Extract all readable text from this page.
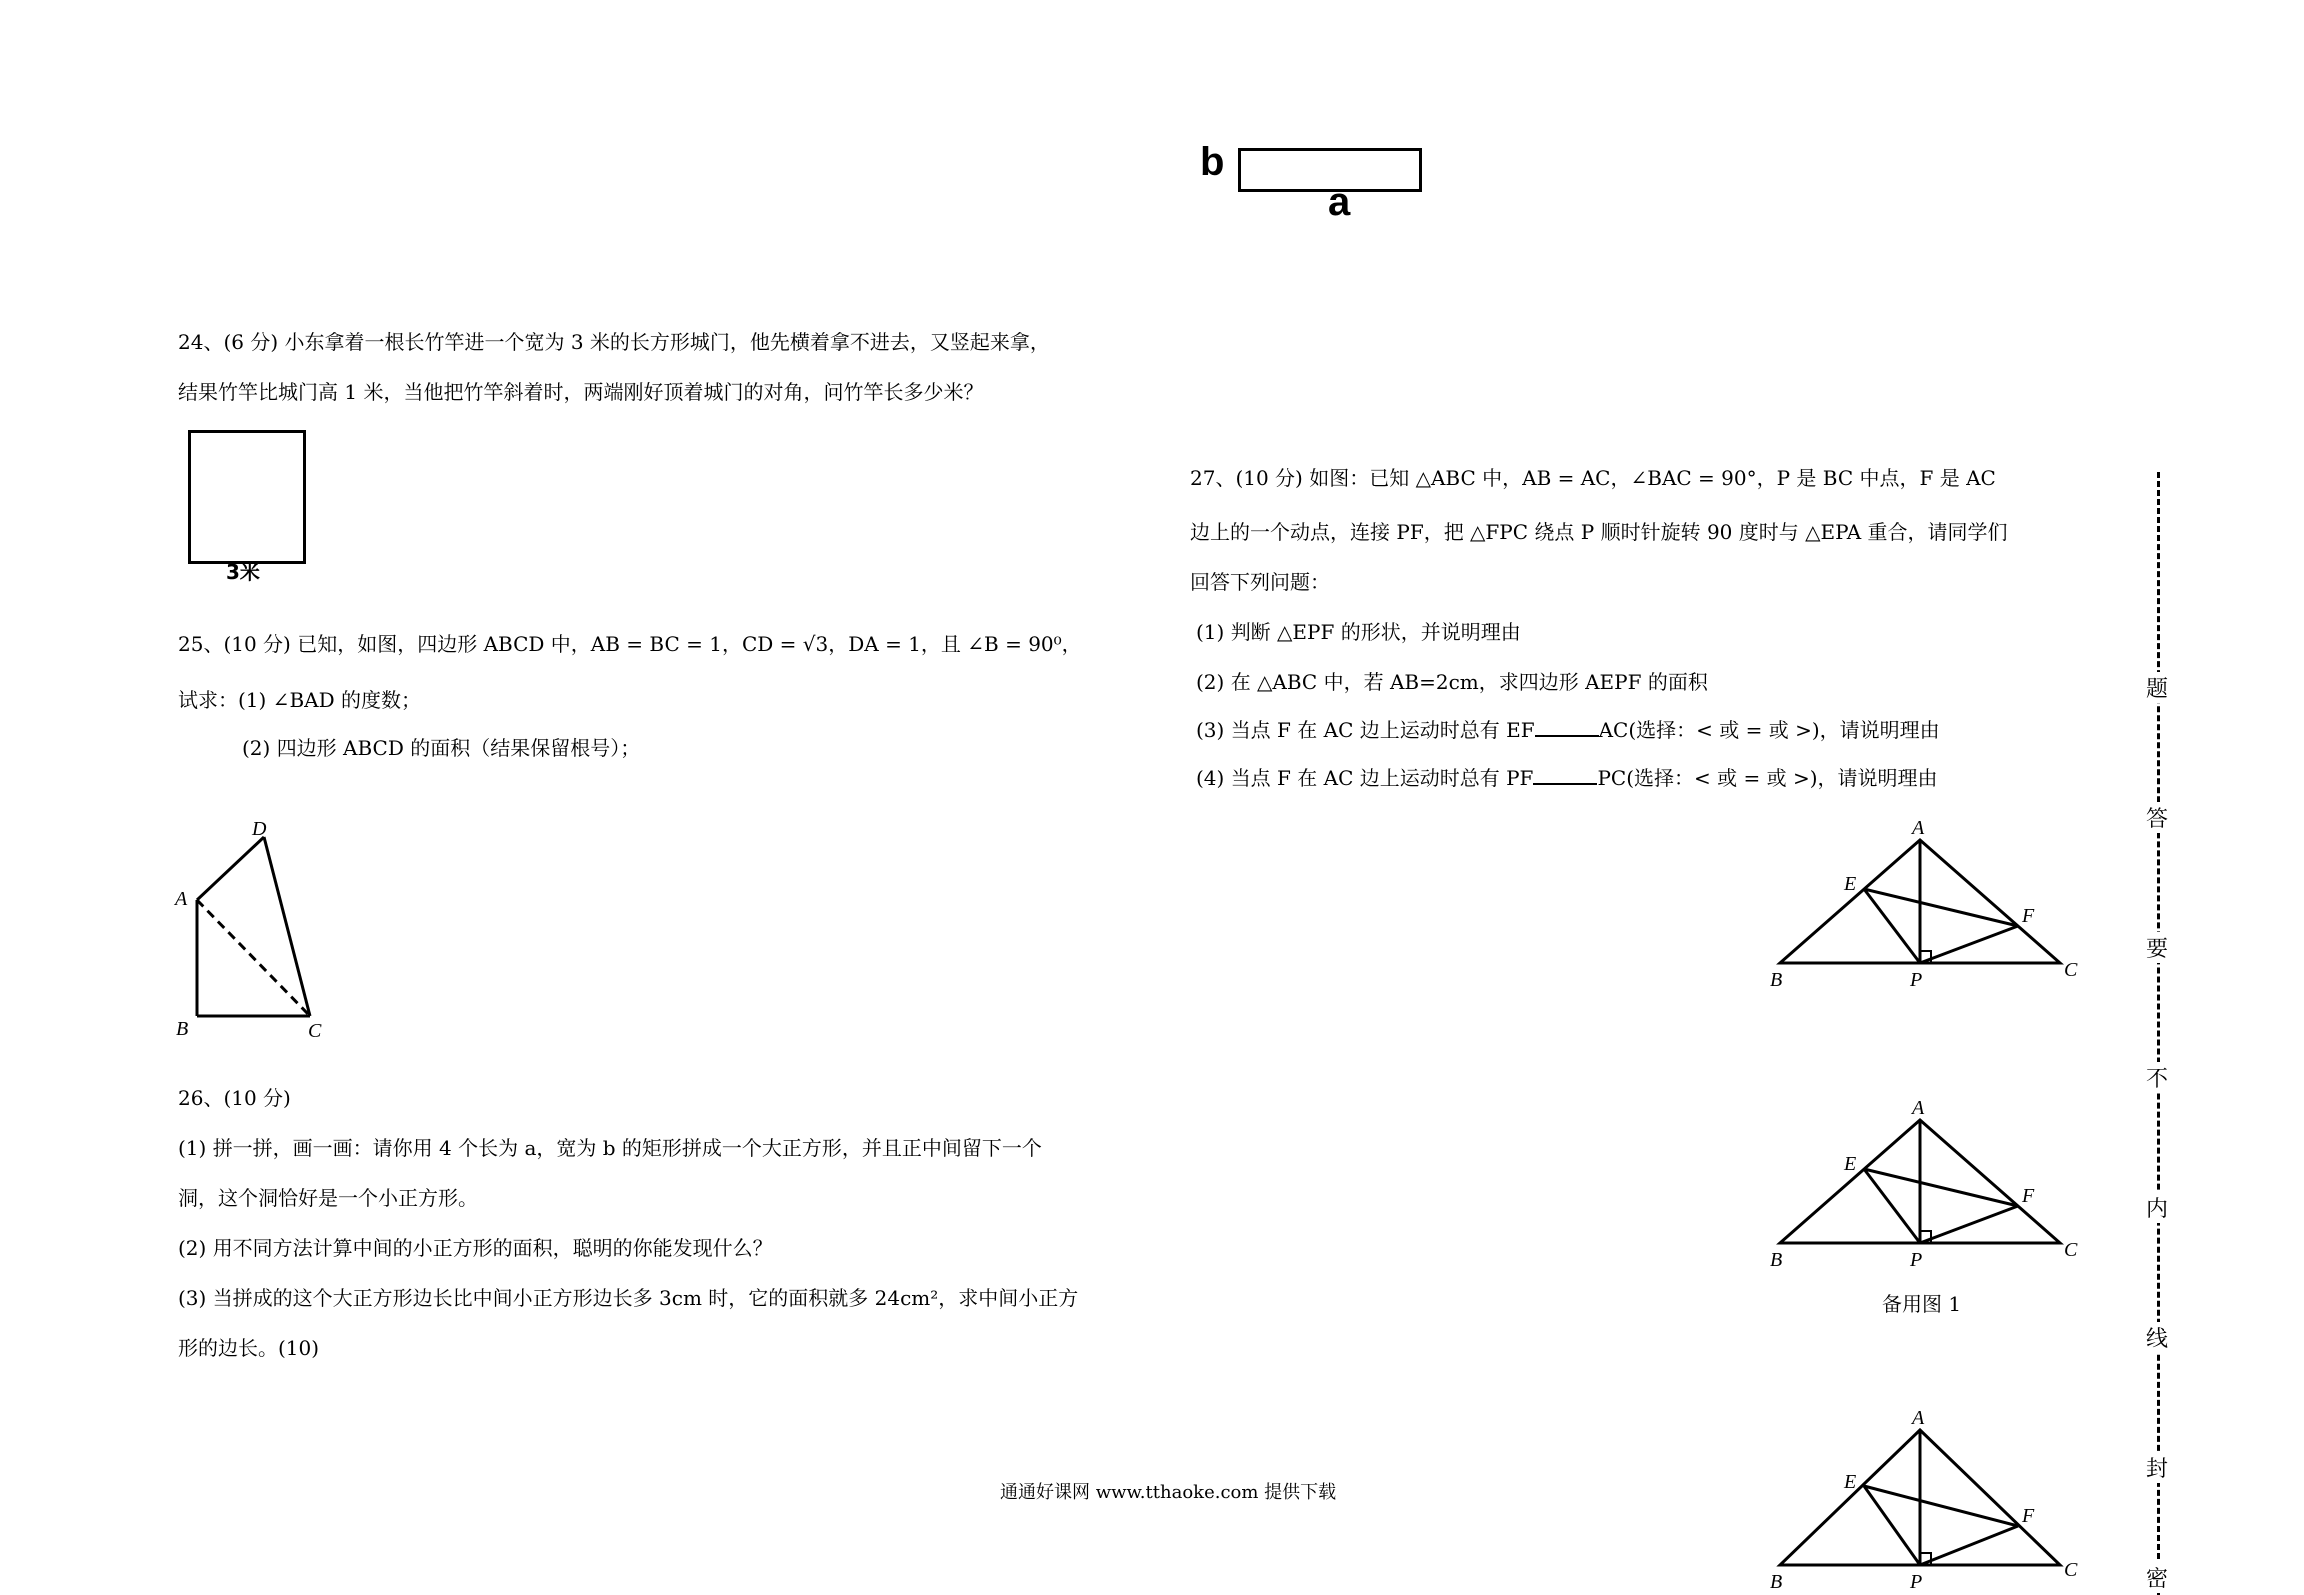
b
a
24、(6 分) 小东拿着一根长竹竿进一个宽为 3 米的长方形城门，他先横着拿不进去，又竖起来拿，
结果竹竿比城门高 1 米，当他把竹竿斜着时，两端刚好顶着城门的对角，问竹竿长多少米？
3米
25、(10 分) 已知，如图，四边形 ABCD 中，AB = BC = 1，CD = √3，DA = 1，且 ∠B = 90⁰，
试求：(1) ∠BAD 的度数；
(2) 四边形 ABCD 的面积（结果保留根号）；
D
A
B	C
26、(10 分)
(1) 拼一拼，画一画：请你用 4 个长为 a，宽为 b 的矩形拼成一个大正方形，并且正中间留下一个
洞，这个洞恰好是一个小正方形。
(2) 用不同方法计算中间的小正方形的面积，聪明的你能发现什么？
(3) 当拼成的这个大正方形边长比中间小正方形边长多 3cm 时，它的面积就多 24cm²，求中间小正方
形的边长。(10)
27、(10 分) 如图：已知 △ABC 中，AB = AC，∠BAC = 90°，P 是 BC 中点，F 是 AC
边上的一个动点，连接 PF，把 △FPC 绕点 P 顺时针旋转 90 度时与 △EPA 重合，请同学们
回答下列问题：
(1) 判断 △EPF 的形状，并说明理由
(2) 在 △ABC 中，若 AB=2cm，求四边形 AEPF 的面积
(3) 当点 F 在 AC 边上运动时总有 EF	AC(选择：< 或 = 或 >)，请说明理由
(4) 当点 F 在 AC 边上运动时总有 PF	PC(选择：< 或 = 或 >)，请说明理由
A
E
F
B	P	C
A
E
F
B	P	C
备用图 1
A
E
F
B	P
C
通通好课网 www.tthaoke.com 提供下载
题
答
要
不
内
线
封
密
